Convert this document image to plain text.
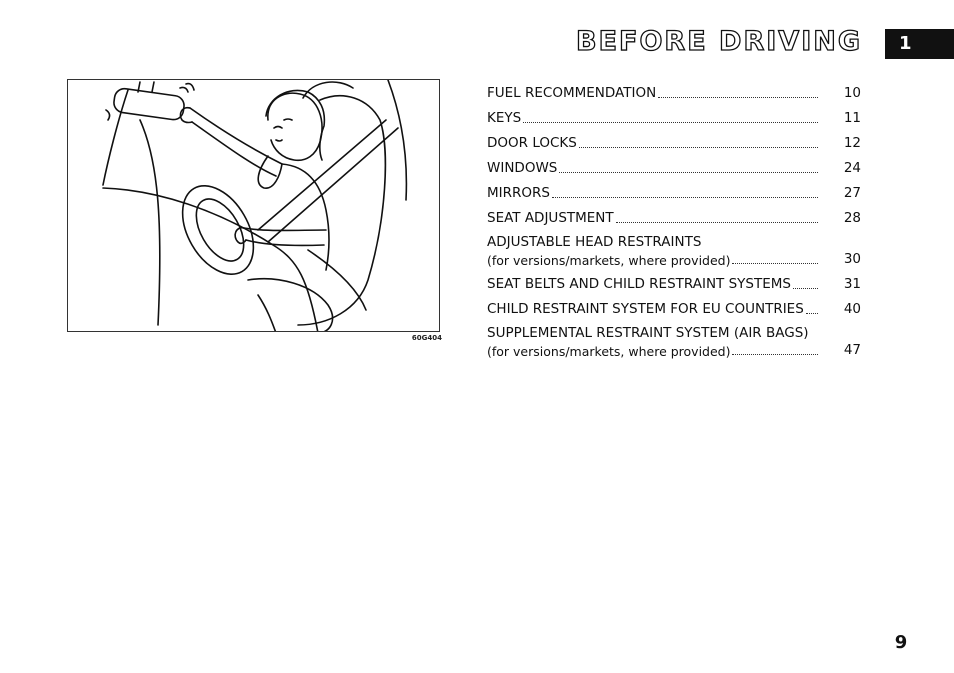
BEFORE DRIVING	1
60G404
FUEL RECOMMENDATION	10
KEYS	11
DOOR LOCKS	12
WINDOWS	24
MIRRORS	27
SEAT ADJUSTMENT	28
ADJUSTABLE HEAD RESTRAINTS
(for versions/markets, where provided)	30
SEAT BELTS AND CHILD RESTRAINT SYSTEMS	31
CHILD RESTRAINT SYSTEM FOR EU COUNTRIES	40
SUPPLEMENTAL RESTRAINT SYSTEM (AIR BAGS)
(for versions/markets, where provided)	47
9
